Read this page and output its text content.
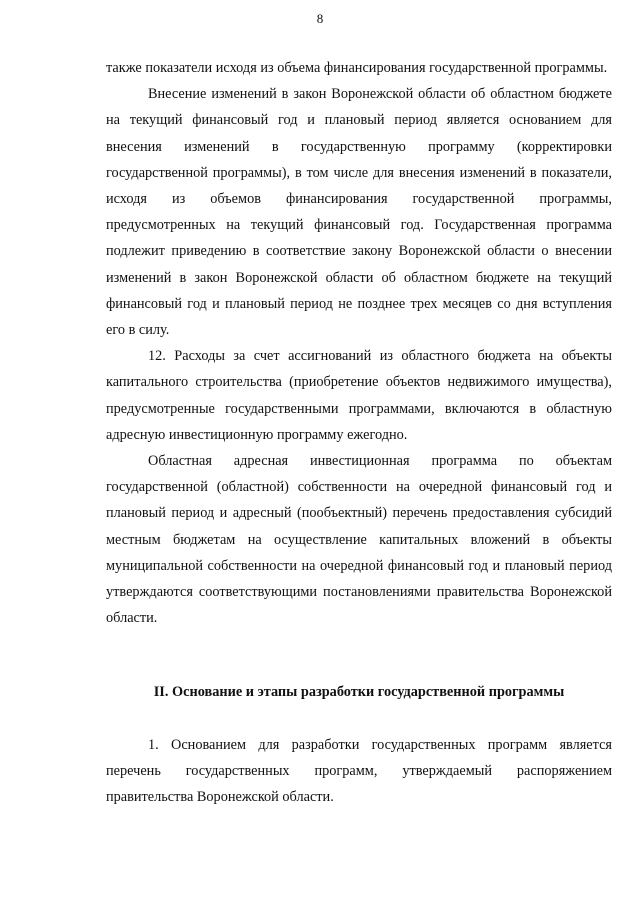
8

также показатели исходя из объема финансирования государственной программы.

Внесение изменений в закон Воронежской области об областном бюджете на текущий финансовый год и плановый период является основанием для внесения изменений в государственную программу (корректировки государственной программы), в том числе для внесения изменений в показатели, исходя из объемов финансирования государственной программы, предусмотренных на текущий финансовый год. Государственная программа подлежит приведению в соответствие закону Воронежской области о внесении изменений в закон Воронежской области об областном бюджете на текущий финансовый год и плановый период не позднее трех месяцев со дня вступления его в силу.

12. Расходы за счет ассигнований из областного бюджета на объекты капитального строительства (приобретение объектов недвижимого имущества), предусмотренные государственными программами, включаются в областную адресную инвестиционную программу ежегодно.

Областная адресная инвестиционная программа по объектам государственной (областной) собственности на очередной финансовый год и плановый период и адресный (пообъектный) перечень предоставления субсидий местным бюджетам на осуществление капитальных вложений в объекты муниципальной собственности на очередной финансовый год и плановый период утверждаются соответствующими постановлениями правительства Воронежской области.

II. Основание и этапы разработки государственной программы

1. Основанием для разработки государственных программ является перечень государственных программ, утверждаемый распоряжением правительства Воронежской области.
